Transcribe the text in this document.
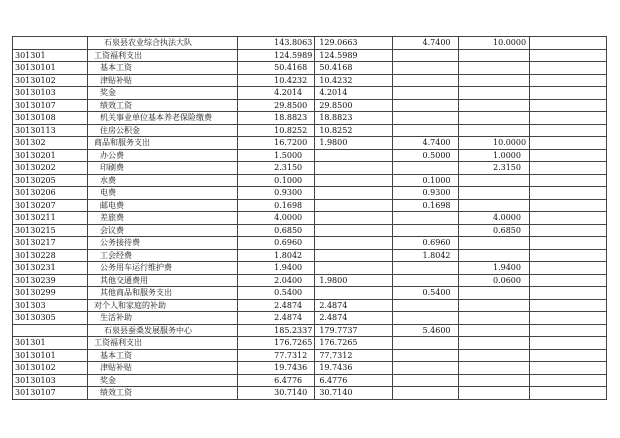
	石泉县农业综合执法大队	143.8063	129.0663	4.7400	10.0000	
301301	工资福利支出	124.5989	124.5989			
30130101	基本工资	50.4168	50.4168			
30130102	津贴补贴	10.4232	10.4232			
30130103	奖金	4.2014	4.2014			
30130107	绩效工资	29.8500	29.8500			
30130108	机关事业单位基本养老保险缴费	18.8823	18.8823			
30130113	住房公积金	10.8252	10.8252			
301302	商品和服务支出	16.7200	1.9800	4.7400	10.0000	
30130201	办公费	1.5000		0.5000	1.0000	
30130202	印刷费	2.3150			2.3150	
30130205	水费	0.1000		0.1000		
30130206	电费	0.9300		0.9300		
30130207	邮电费	0.1698		0.1698		
30130211	差旅费	4.0000			4.0000	
30130215	会议费	0.6850			0.6850	
30130217	公务接待费	0.6960		0.6960		
30130228	工会经费	1.8042		1.8042		
30130231	公务用车运行维护费	1.9400			1.9400	
30130239	其他交通费用	2.0400	1.9800		0.0600	
30130299	其他商品和服务支出	0.5400		0.5400		
301303	对个人和家庭的补助	2.4874	2.4874			
30130305	生活补助	2.4874	2.4874			
	石泉县蚕桑发展服务中心	185.2337	179.7737	5.4600		
301301	工资福利支出	176.7265	176.7265			
30130101	基本工资	77.7312	77.7312			
30130102	津贴补贴	19.7436	19.7436			
30130103	奖金	6.4776	6.4776			
30130107	绩效工资	30.7140	30.7140			
